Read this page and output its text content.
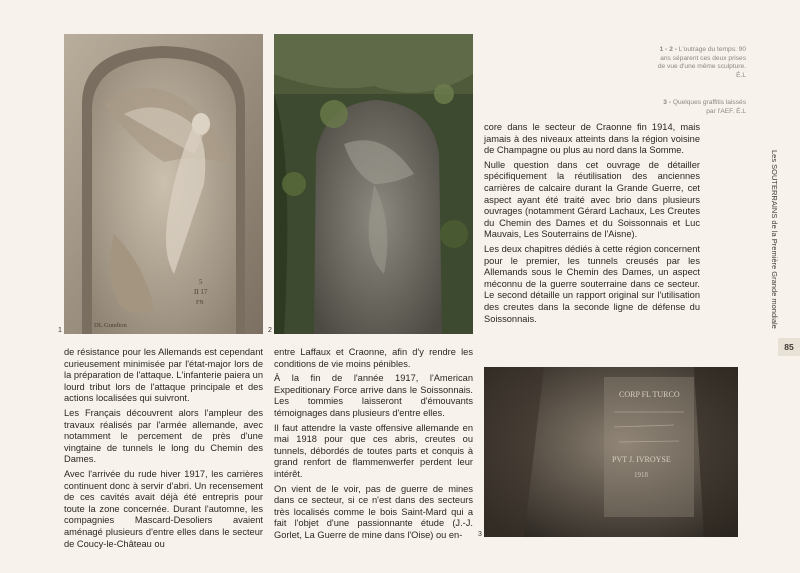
5
II 17
FN
DL Gundion
1	2
1 - 2 - L'outrage du temps: 90 ans séparent ces deux prises de vue d'une même sculpture. É.L
3 - Quelques graffitis laissés par l'AEF. É.L

core dans le secteur de Craonne fin 1914, mais jamais à des niveaux atteints dans la région voisine de Champagne ou plus au nord dans la Somme.

Nulle question dans cet ouvrage de détailler spécifiquement la réutilisation des anciennes carrières de calcaire durant la Grande Guerre, cet aspect ayant été traité avec brio dans plusieurs ouvrages (notamment Gérard Lachaux, Les Creutes du Chemin des Dames et du Soissonnais et Luc Mauvais, Les Souterrains de l'Aisne).

Les deux chapitres dédiés à cette région concernent pour le premier, les tunnels creusés par les Allemands sous le Chemin des Dames, un aspect méconnu de la guerre souterraine dans ce secteur. Le second détaille un rapport original sur l'utilisation des creutes dans la seconde ligne de défense du Soissonnais.

CORP FL TURCO
PVT J. IVROYSE
1918
3

de résistance pour les Allemands est cependant curieusement minimisée par l'état-major lors de la préparation de l'attaque. L'infanterie paiera un lourd tribut lors de l'attaque principale et des actions localisées qui suivront.

Les Français découvrent alors l'ampleur des travaux réalisés par l'armée allemande, avec notamment le percement de près d'une vingtaine de tunnels le long du Chemin des Dames.

Avec l'arrivée du rude hiver 1917, les carrières continuent donc à servir d'abri. Un recensement de ces cavités avait déjà été entrepris pour toute la zone concernée. Durant l'automne, les compagnies Mascard-Desoliers avaient aménagé plusieurs d'entre elles dans le secteur de Coucy-le-Château ou

entre Laffaux et Craonne, afin d'y rendre les conditions de vie moins pénibles.

À la fin de l'année 1917, l'American Expeditionary Force arrive dans le Soissonnais. Les tommies laisseront d'émouvants témoignages dans plusieurs d'entre elles.

Il faut attendre la vaste offensive allemande en mai 1918 pour que ces abris, creutes ou tunnels, débordés de toutes parts et conquis à grand renfort de flammenwerfer perdent leur intérêt.

On vient de le voir, pas de guerre de mines dans ce secteur, si ce n'est dans des secteurs très localisés comme le bois Saint-Mard qui a fait l'objet d'une passionnante étude (J.-J. Gorlet, La Guerre de mine dans l'Oise) ou en-

Les SOUTERRAINS de la Première Grande mondiale
85
